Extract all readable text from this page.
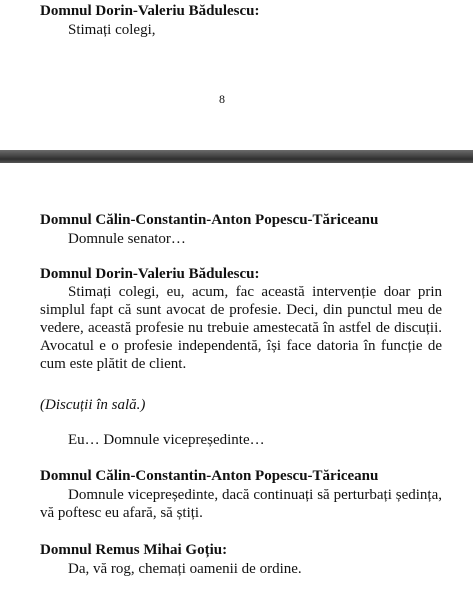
Domnul Dorin-Valeriu Bădulescu:
Stimați colegi,
8
Domnul Călin-Constantin-Anton Popescu-Tăriceanu
Domnule senator…
Domnul Dorin-Valeriu Bădulescu:
Stimați colegi, eu, acum, fac această intervenție doar prin simplul fapt că sunt avocat de profesie. Deci, din punctul meu de vedere, această profesie nu trebuie amestecată în astfel de discuții. Avocatul e o profesie independentă, își face datoria în funcție de cum este plătit de client.
(Discuții în sală.)
Eu… Domnule vicepreședinte…
Domnul Călin-Constantin-Anton Popescu-Tăriceanu
Domnule vicepreședinte, dacă continuați să perturbați ședința, vă poftesc eu afară, să știți.
Domnul Remus Mihai Goțiu:
Da, vă rog, chemați oamenii de ordine.
